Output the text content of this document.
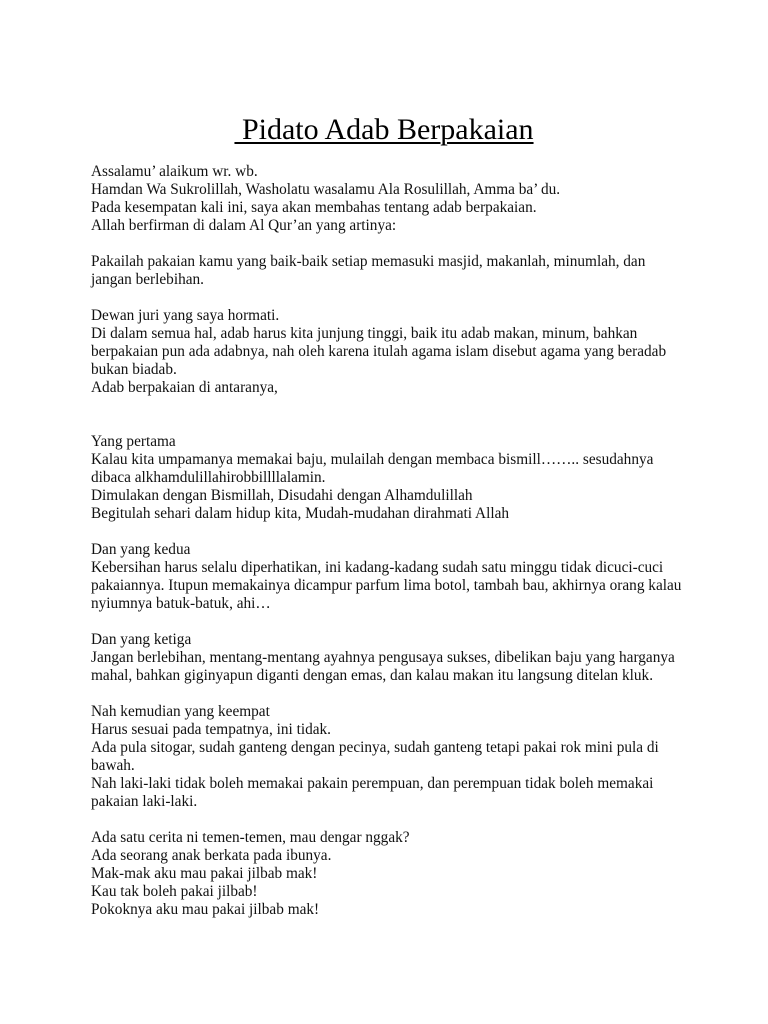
Pidato Adab Berpakaian
Assalamu’ alaikum wr. wb.
Hamdan Wa Sukrolillah, Washolatu wasalamu Ala Rosulillah, Amma ba’ du.
Pada kesempatan kali ini, saya akan membahas tentang adab berpakaian.
Allah berfirman di dalam Al Qur’an yang artinya:
Pakailah pakaian kamu yang baik-baik setiap memasuki masjid, makanlah, minumlah, dan
jangan berlebihan.
Dewan juri yang saya hormati.
Di dalam semua hal, adab harus kita junjung tinggi, baik itu adab makan, minum, bahkan
berpakaian pun ada adabnya, nah oleh karena itulah agama islam disebut agama yang beradab
bukan biadab.
Adab berpakaian di antaranya,
Yang pertama
Kalau kita umpamanya memakai baju, mulailah dengan membaca bismill…….. sesudahnya
dibaca alkhamdulillahirobbillllalamin.
Dimulakan dengan Bismillah, Disudahi dengan Alhamdulillah
Begitulah sehari dalam hidup kita, Mudah-mudahan dirahmati Allah
Dan yang kedua
Kebersihan harus selalu diperhatikan, ini kadang-kadang sudah satu minggu tidak dicuci-cuci
pakaiannya. Itupun memakainya dicampur parfum lima botol, tambah bau, akhirnya orang kalau
nyiumnya batuk-batuk, ahi…
Dan yang ketiga
Jangan berlebihan, mentang-mentang ayahnya pengusaya sukses, dibelikan baju yang harganya
mahal, bahkan giginyapun diganti dengan emas, dan kalau makan itu langsung ditelan kluk.
Nah kemudian yang keempat
Harus sesuai pada tempatnya, ini tidak.
Ada pula sitogar, sudah ganteng dengan pecinya, sudah ganteng tetapi pakai rok mini pula di
bawah.
Nah laki-laki tidak boleh memakai pakain perempuan, dan perempuan tidak boleh memakai
pakaian laki-laki.
Ada satu cerita ni temen-temen, mau dengar nggak?
Ada seorang anak berkata pada ibunya.
Mak-mak aku mau pakai jilbab mak!
Kau tak boleh pakai jilbab!
Pokoknya aku mau pakai jilbab mak!
